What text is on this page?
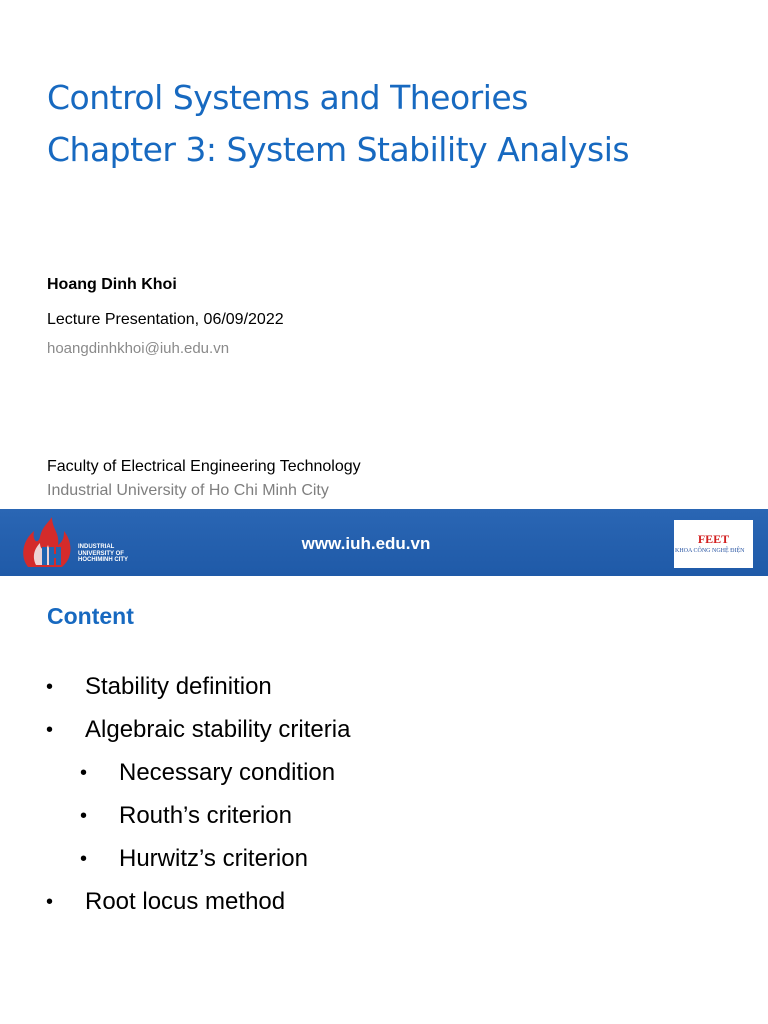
Control Systems and Theories
Chapter 3: System Stability Analysis
Hoang Dinh Khoi
Lecture Presentation, 06/09/2022
hoangdinhkhoi@iuh.edu.vn
Faculty of Electrical Engineering Technology
Industrial University of Ho Chi Minh City
INDUSTRIAL
UNIVERSITY OF
HOCHIMINH CITY
www.iuh.edu.vn	FEET
KHOA CÔNG NGHỆ ĐIỆN
Content
• Stability definition
• Algebraic stability criteria
• Necessary condition
• Routh’s criterion
• Hurwitz’s criterion
• Root locus method
